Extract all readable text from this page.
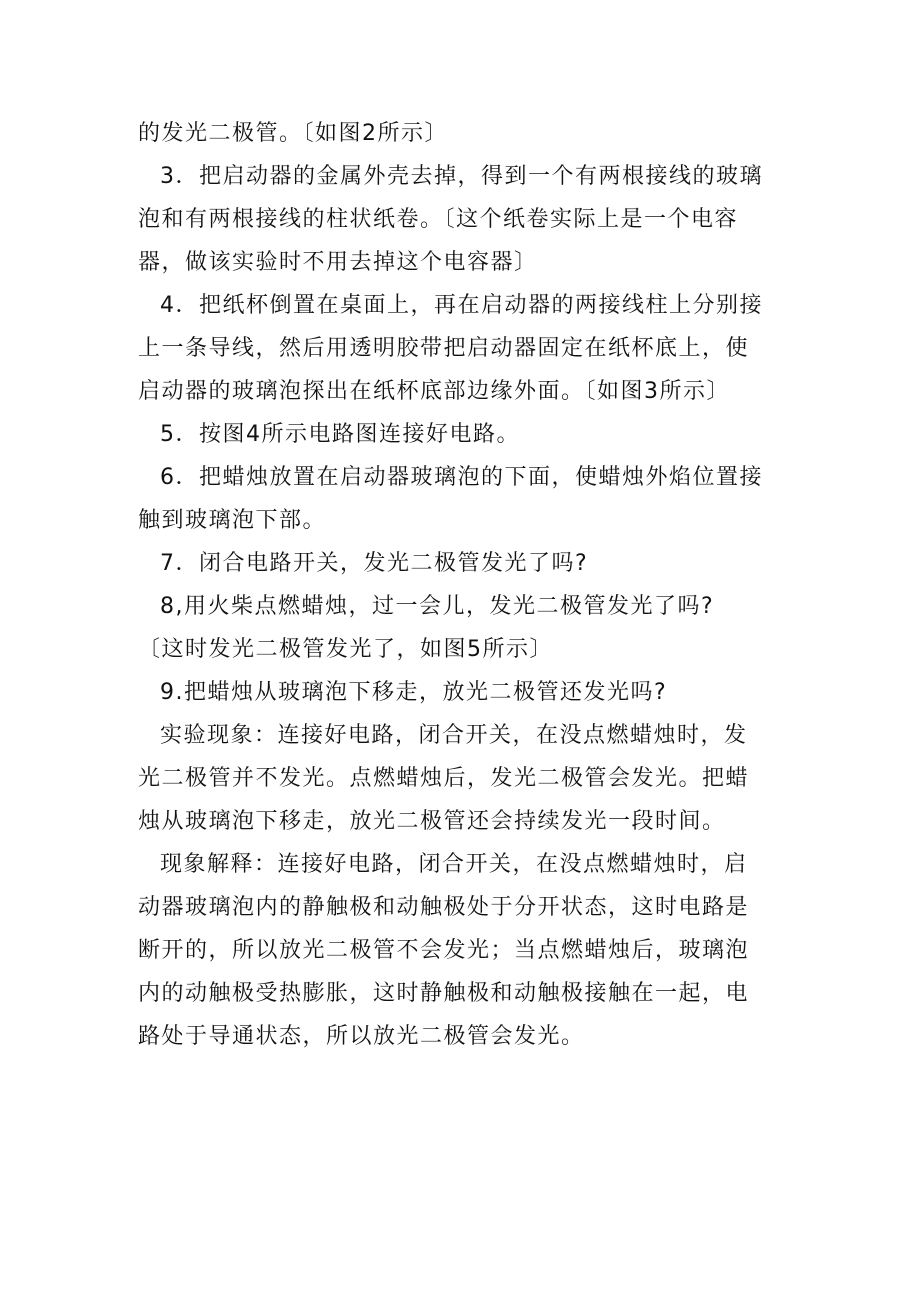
的发光二极管。〔如图2所示〕
3．把启动器的金属外壳去掉，得到一个有两根接线的玻璃
泡和有两根接线的柱状纸卷。〔这个纸卷实际上是一个电容
器，做该实验时不用去掉这个电容器〕
4．把纸杯倒置在桌面上，再在启动器的两接线柱上分别接
上一条导线，然后用透明胶带把启动器固定在纸杯底上，使
启动器的玻璃泡探出在纸杯底部边缘外面。〔如图3所示〕
5．按图4所示电路图连接好电路。
6．把蜡烛放置在启动器玻璃泡的下面，使蜡烛外焰位置接
触到玻璃泡下部。
7．闭合电路开关，发光二极管发光了吗?
8,用火柴点燃蜡烛，过一会儿，发光二极管发光了吗?
〔这时发光二极管发光了，如图5所示〕
9.把蜡烛从玻璃泡下移走，放光二极管还发光吗?
实验现象：连接好电路，闭合开关，在没点燃蜡烛时，发
光二极管并不发光。点燃蜡烛后，发光二极管会发光。把蜡
烛从玻璃泡下移走，放光二极管还会持续发光一段时间。
现象解释：连接好电路，闭合开关，在没点燃蜡烛时，启
动器玻璃泡内的静触极和动触极处于分开状态，这时电路是
断开的，所以放光二极管不会发光；当点燃蜡烛后，玻璃泡
内的动触极受热膨胀，这时静触极和动触极接触在一起，电
路处于导通状态，所以放光二极管会发光。
